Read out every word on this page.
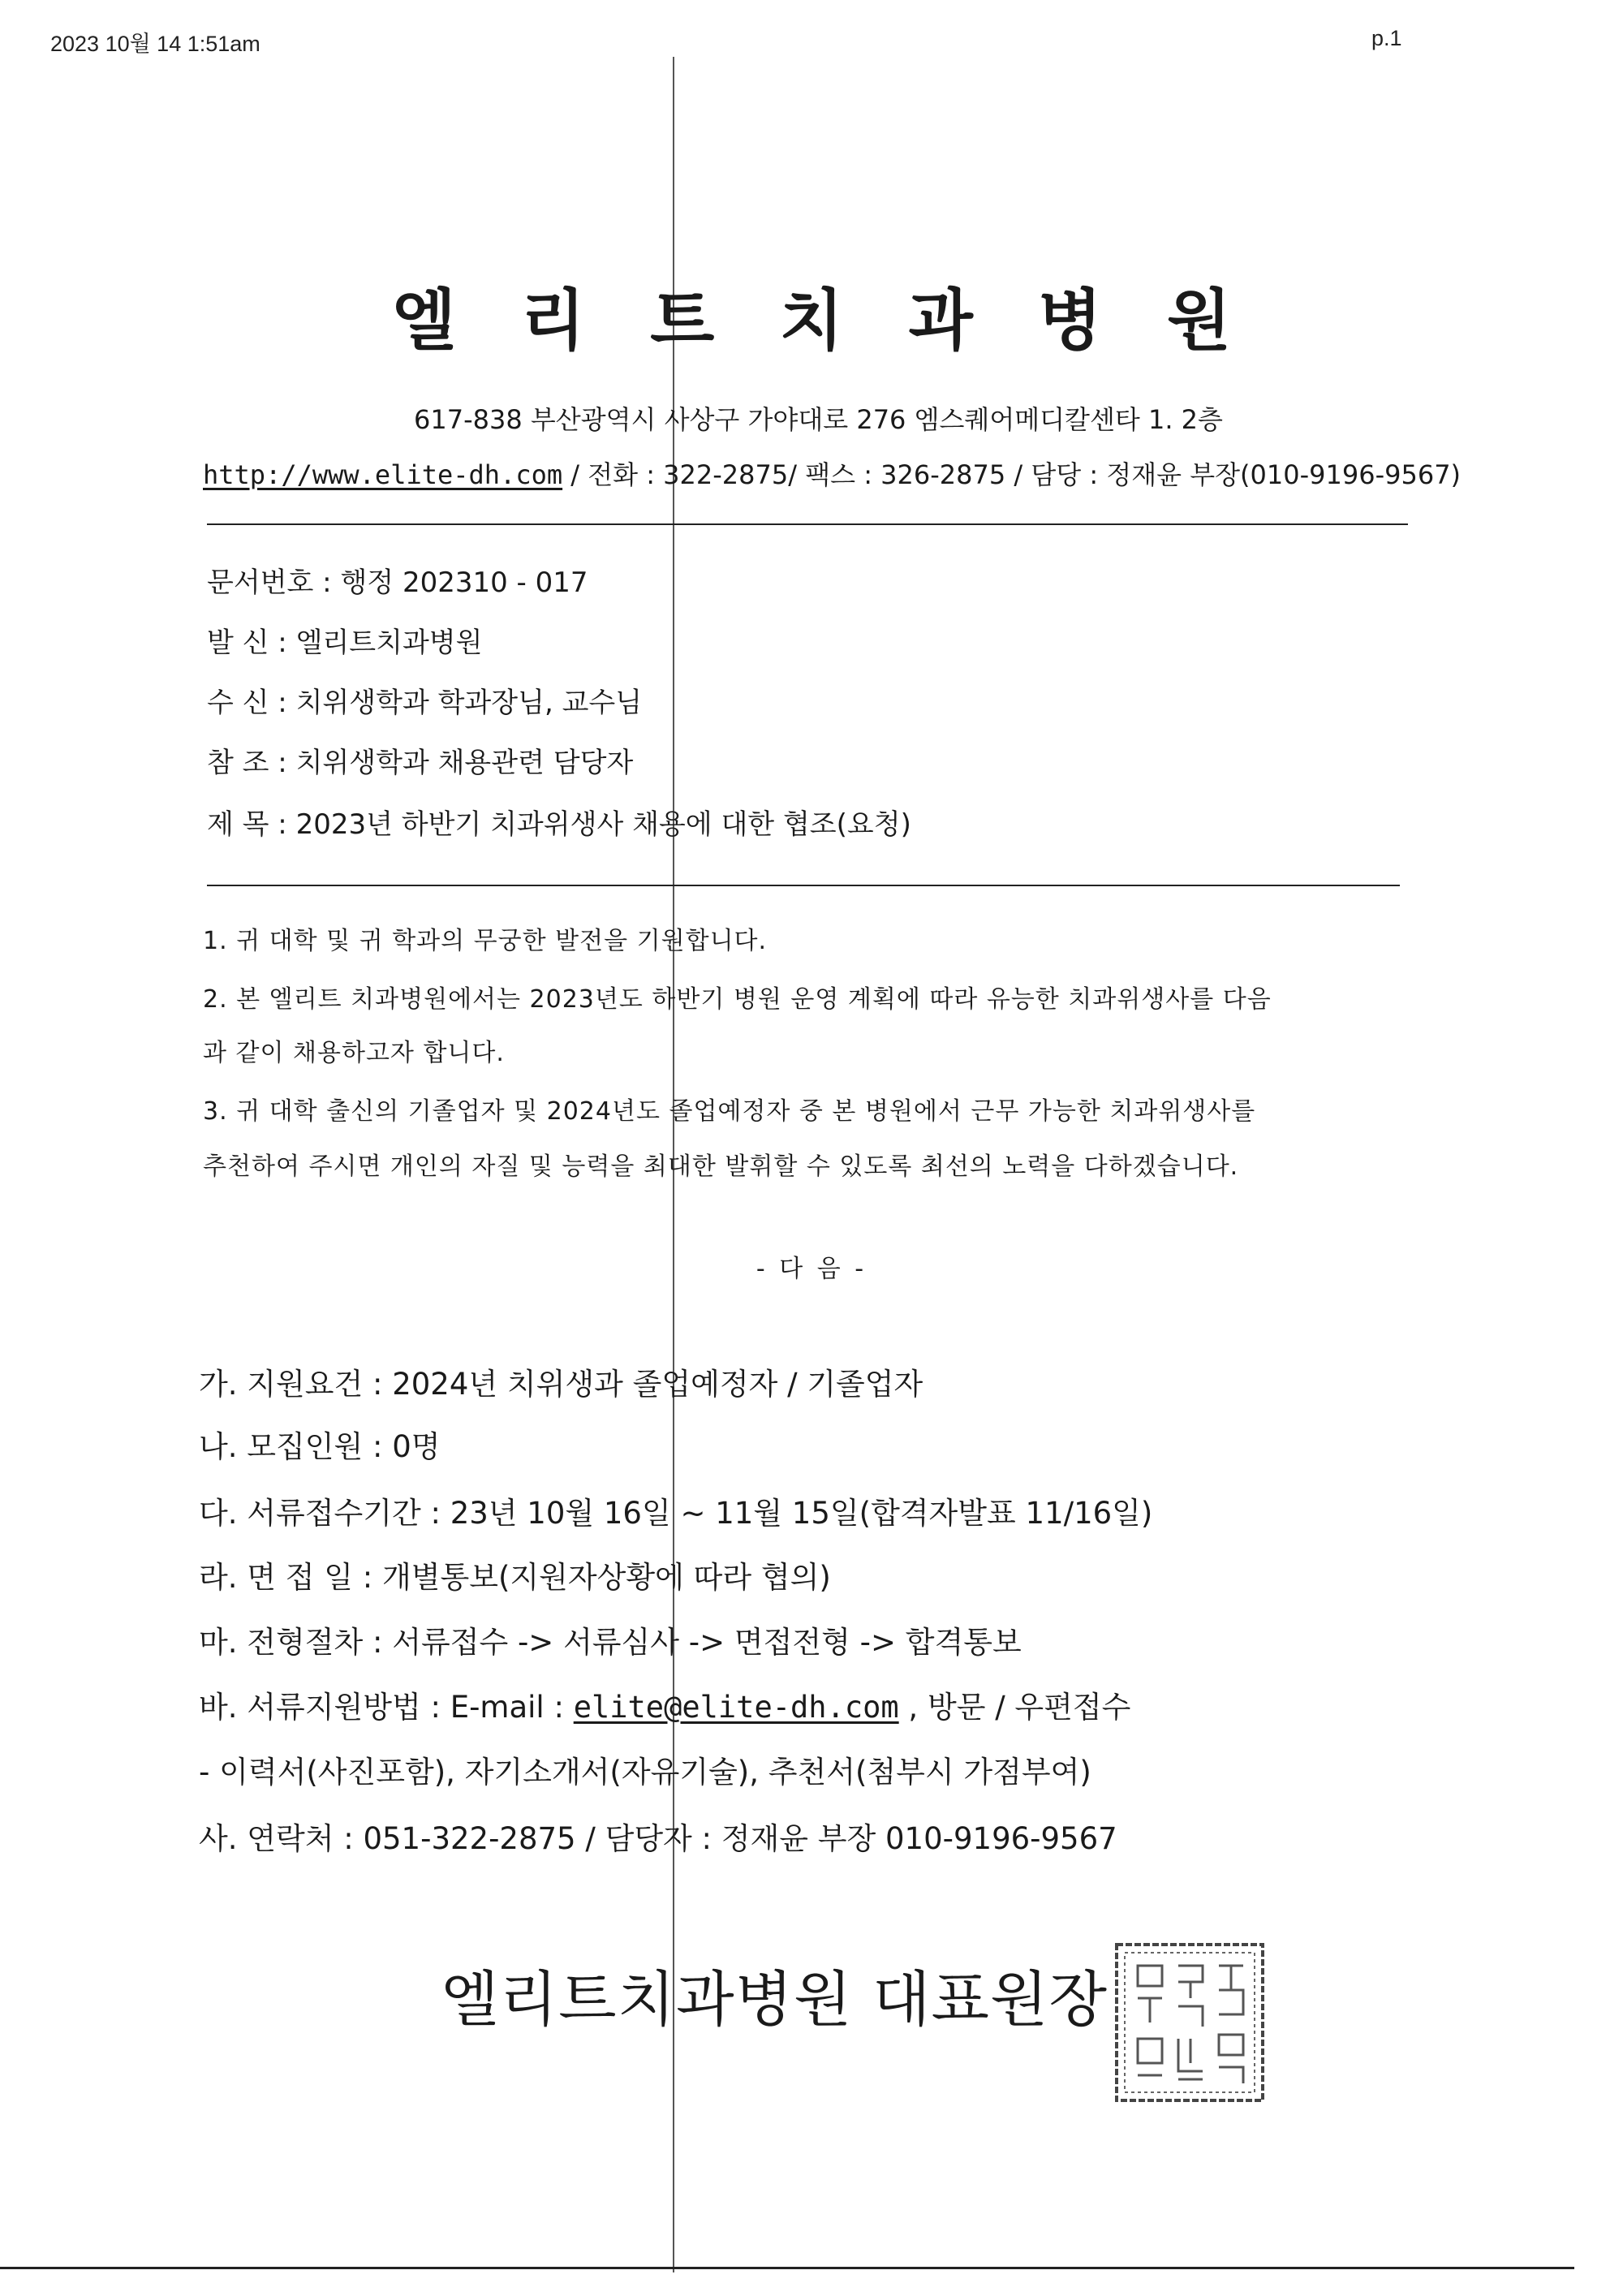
2023 10월 14 1:51am	p.1
엘 리 트 치 과 병 원
617-838 부산광역시 사상구 가야대로 276 엠스퀘어메디칼센타 1. 2층
http://www.elite-dh.com / 전화 : 322-2875/ 팩스 : 326-2875 / 담당 : 정재윤 부장(010-9196-9567)
문서번호 : 행정 202310 - 017
발 신 : 엘리트치과병원
수 신 : 치위생학과 학과장님, 교수님
참 조 : 치위생학과 채용관련 담당자
제 목 : 2023년 하반기 치과위생사 채용에 대한 협조(요청)
1. 귀 대학 및 귀 학과의 무궁한 발전을 기원합니다.
2. 본 엘리트 치과병원에서는 2023년도 하반기 병원 운영 계획에 따라 유능한 치과위생사를 다음
과 같이 채용하고자 합니다.
3. 귀 대학 출신의 기졸업자 및 2024년도 졸업예정자 중 본 병원에서 근무 가능한 치과위생사를
추천하여 주시면 개인의 자질 및 능력을 최대한 발휘할 수 있도록 최선의 노력을 다하겠습니다.
- 다 음 -
가. 지원요건 : 2024년 치위생과 졸업예정자 / 기졸업자
나. 모집인원 : 0명
다. 서류접수기간 : 23년 10월 16일 ~ 11월 15일(합격자발표 11/16일)
라. 면 접 일 : 개별통보(지원자상황에 따라 협의)
마. 전형절차 : 서류접수 -> 서류심사 -> 면접전형 -> 합격통보
바. 서류지원방법 : E-mail : elite@elite-dh.com , 방문 / 우편접수
- 이력서(사진포함), 자기소개서(자유기술), 추천서(첨부시 가점부여)
사. 연락처 : 051-322-2875 / 담당자 : 정재윤 부장 010-9196-9567
엘리트치과병원 대표원장
